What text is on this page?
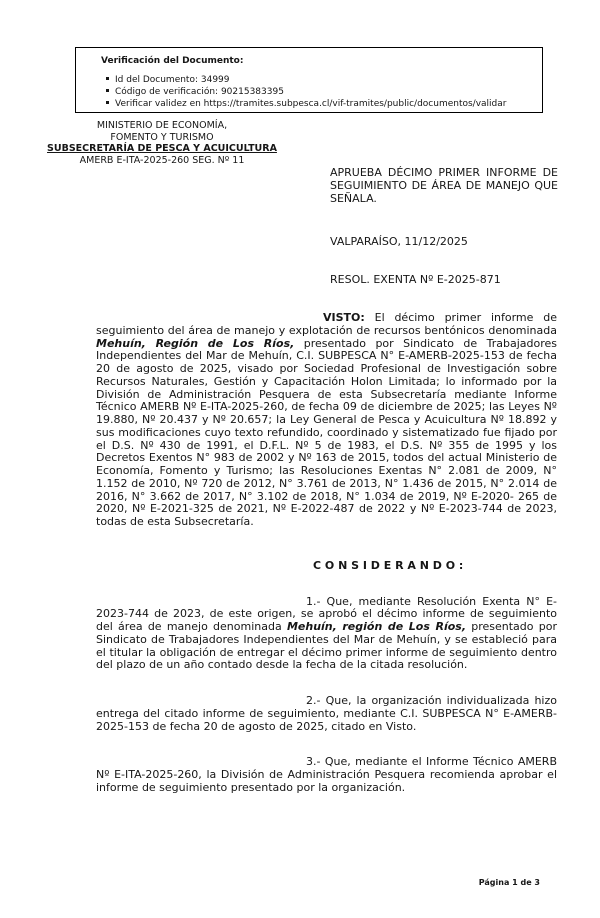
Verificación del Documento:
Id del Documento: 34999
Código de verificación: 90215383395
Verificar validez en https://tramites.subpesca.cl/vif-tramites/public/documentos/validar
MINISTERIO DE ECONOMÍA,
FOMENTO Y TURISMO
SUBSECRETARÍA DE PESCA Y ACUICULTURA
AMERB E-ITA-2025-260 SEG. Nº 11
APRUEBA DÉCIMO PRIMER INFORME DE SEGUIMIENTO DE ÁREA DE MANEJO QUE SEÑALA.
VALPARAÍSO, 11/12/2025
RESOL. EXENTA Nº E-2025-871

VISTO: El décimo primer informe de seguimiento del área de manejo y explotación de recursos bentónicos denominada Mehuín, Región de Los Ríos, presentado por Sindicato de Trabajadores Independientes del Mar de Mehuín, C.I. SUBPESCA N° E-AMERB-2025-153 de fecha 20 de agosto de 2025, visado por Sociedad Profesional de Investigación sobre Recursos Naturales, Gestión y Capacitación Holon Limitada; lo informado por la División de Administración Pesquera de esta Subsecretaría mediante Informe Técnico AMERB Nº E-ITA-2025-260, de fecha 09 de diciembre de 2025; las Leyes Nº 19.880, Nº 20.437 y Nº 20.657; la Ley General de Pesca y Acuicultura Nº 18.892 y sus modificaciones cuyo texto refundido, coordinado y sistematizado fue fijado por el D.S. Nº 430 de 1991, el D.F.L. Nº 5 de 1983, el D.S. Nº 355 de 1995 y los Decretos Exentos N° 983 de 2002 y Nº 163 de 2015, todos del actual Ministerio de Economía, Fomento y Turismo; las Resoluciones Exentas N° 2.081 de 2009, N° 1.152 de 2010, Nº 720 de 2012, N° 3.761 de 2013, N° 1.436 de 2015, N° 2.014 de 2016, N° 3.662 de 2017, N° 3.102 de 2018, N° 1.034 de 2019, Nº E-2020- 265 de 2020, Nº E-2021-325 de 2021, Nº E-2022-487 de 2022 y Nº E-2023-744 de 2023, todas de esta Subsecretaría.

C O N S I D E R A N D O :

1.- Que, mediante Resolución Exenta N° E-2023-744 de 2023, de este origen, se aprobó el décimo informe de seguimiento del área de manejo denominada Mehuín, región de Los Ríos, presentado por Sindicato de Trabajadores Independientes del Mar de Mehuín, y se estableció para el titular la obligación de entregar el décimo primer informe de seguimiento dentro del plazo de un año contado desde la fecha de la citada resolución.

2.- Que, la organización individualizada hizo entrega del citado informe de seguimiento, mediante C.I. SUBPESCA N° E-AMERB-2025-153 de fecha 20 de agosto de 2025, citado en Visto.

3.- Que, mediante el Informe Técnico AMERB Nº E-ITA-2025-260, la División de Administración Pesquera recomienda aprobar el informe de seguimiento presentado por la organización.

Página 1 de 3
